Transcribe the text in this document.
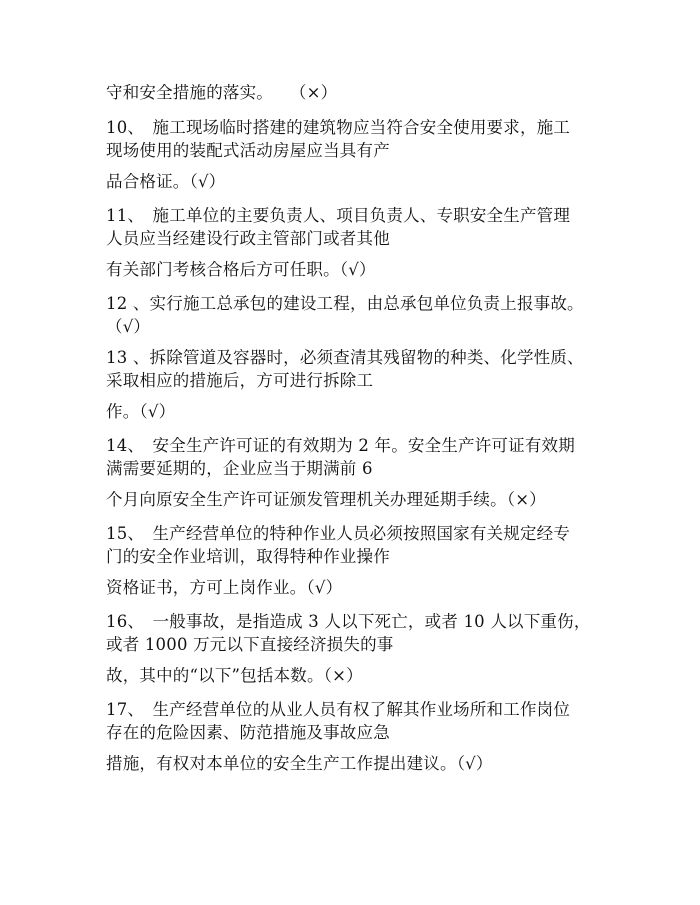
守和安全措施的落实。　　（×）
10、　施工现场临时搭建的建筑物应当符合安全使用要求，施工
现场使用的装配式活动房屋应当具有产
品合格证。（√）
11、　施工单位的主要负责人、项目负责人、专职安全生产管理
人员应当经建设行政主管部门或者其他
有关部门考核合格后方可任职。（√）
12 、实行施工总承包的建设工程，由总承包单位负责上报事故。
（√）
13 、拆除管道及容器时，必须查清其残留物的种类、化学性质、
采取相应的措施后，方可进行拆除工
作。（√）
14、　安全生产许可证的有效期为 2 年。安全生产许可证有效期
满需要延期的，企业应当于期满前 6
个月向原安全生产许可证颁发管理机关办理延期手续。（×）
15、　生产经营单位的特种作业人员必须按照国家有关规定经专
门的安全作业培训，取得特种作业操作
资格证书，方可上岗作业。（√）
16、　一般事故，是指造成 3 人以下死亡，或者 10 人以下重伤，
或者 1000 万元以下直接经济损失的事
故，其中的“以下”包括本数。（×）
17、　生产经营单位的从业人员有权了解其作业场所和工作岗位
存在的危险因素、防范措施及事故应急
措施，有权对本单位的安全生产工作提出建议。（√）
